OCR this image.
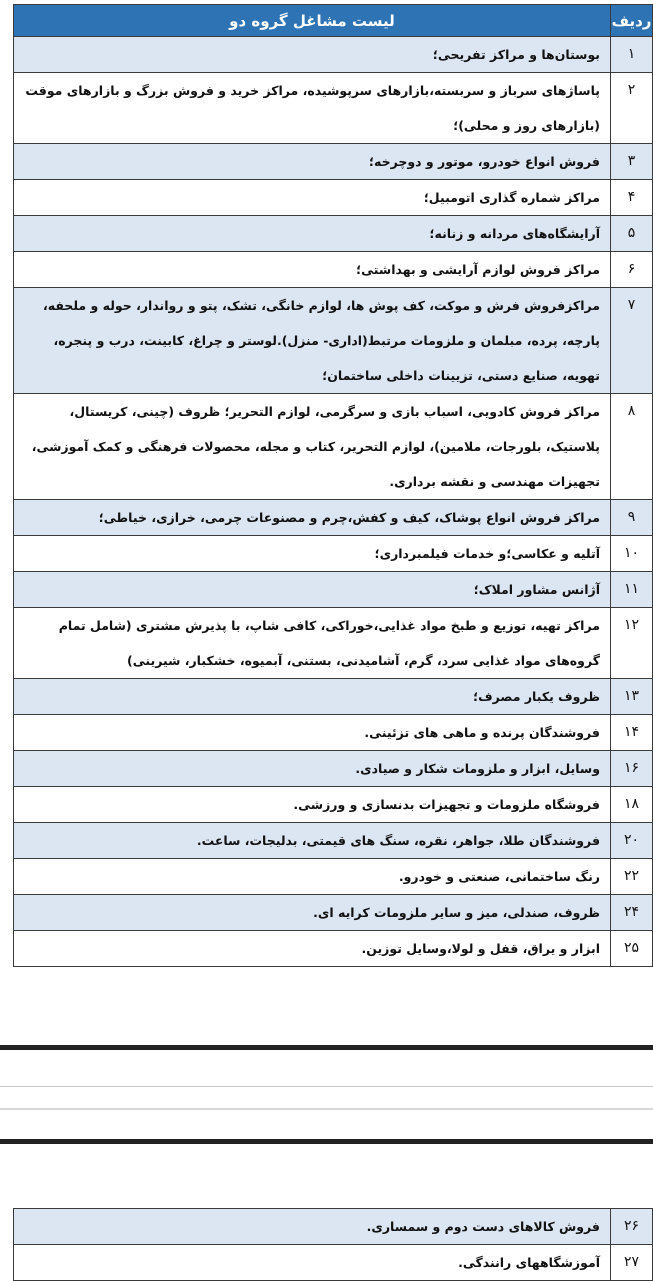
ردیف	لیست مشاغل گروه دو
۱	بوستان‌ها و مراکز تفریحی؛
۲	پاساژهای سرباز و سربسته،بازارهای سرپوشیده، مراکز خرید و فروش بزرگ و بازارهای موقت (بازارهای روز و محلی)؛
۳	فروش انواع خودرو، موتور و دوچرخه؛
۴	مراکز شماره گذاری اتومبیل؛
۵	آرایشگاه‌های مردانه و زنانه؛
۶	مراکز فروش لوازم آرایشی و بهداشتی؛
۷	مراکزفروش فرش و موکت، کف پوش ها، لوازم خانگی، تشک، پتو و رواندار، حوله و ملحفه، پارچه، پرده، مبلمان و ملزومات مرتبط(اداری- منزل).لوستر و چراغ، کابینت، درب و پنجره، تهویه، صنایع دستی، تزیینات داخلی ساختمان؛
۸	مراکز فروش کادویی، اسباب بازی و سرگرمی، لوازم التحریر؛ ظروف (چینی، کریستال، پلاستیک، بلورجات، ملامین)، لوازم التحریر، کتاب و مجله، محصولات فرهنگی و کمک آموزشی، تجهیزات مهندسی و نقشه برداری.
۹	مراکز فروش انواع پوشاک، کیف و کفش،چرم و مصنوعات چرمی، خرازی، خیاطی؛
۱۰	آتلیه و عکاسی؛و خدمات فیلمبرداری؛
۱۱	آژانس مشاور املاک؛
۱۲	مراکز تهیه، توزیع و طبخ مواد غذایی،خوراکی، کافی شاپ، با پذیرش مشتری (شامل تمام گروه‌های مواد غذایی سرد، گرم، آشامیدنی، بستنی، آبمیوه، خشکبار، شیرینی)
۱۳	ظروف یکبار مصرف؛
۱۴	فروشندگان پرنده و ماهی های تزئینی.
۱۶	وسایل، ابزار و ملزومات شکار و صیادی.
۱۸	فروشگاه ملزومات و تجهیزات بدنسازی و ورزشی.
۲۰	فروشندگان طلا، جواهر، نقره، سنگ های قیمتی، بدلیجات، ساعت.
۲۲	رنگ ساختمانی، صنعتی و خودرو.
۲۴	ظروف، صندلی، میز و سایر ملزومات کرایه ای.
۲۵	ابزار و یراق، قفل و لولا،وسایل توزین.
۲۶	فروش کالاهای دست دوم و سمساری.
۲۷	آموزشگاههای رانندگی.
